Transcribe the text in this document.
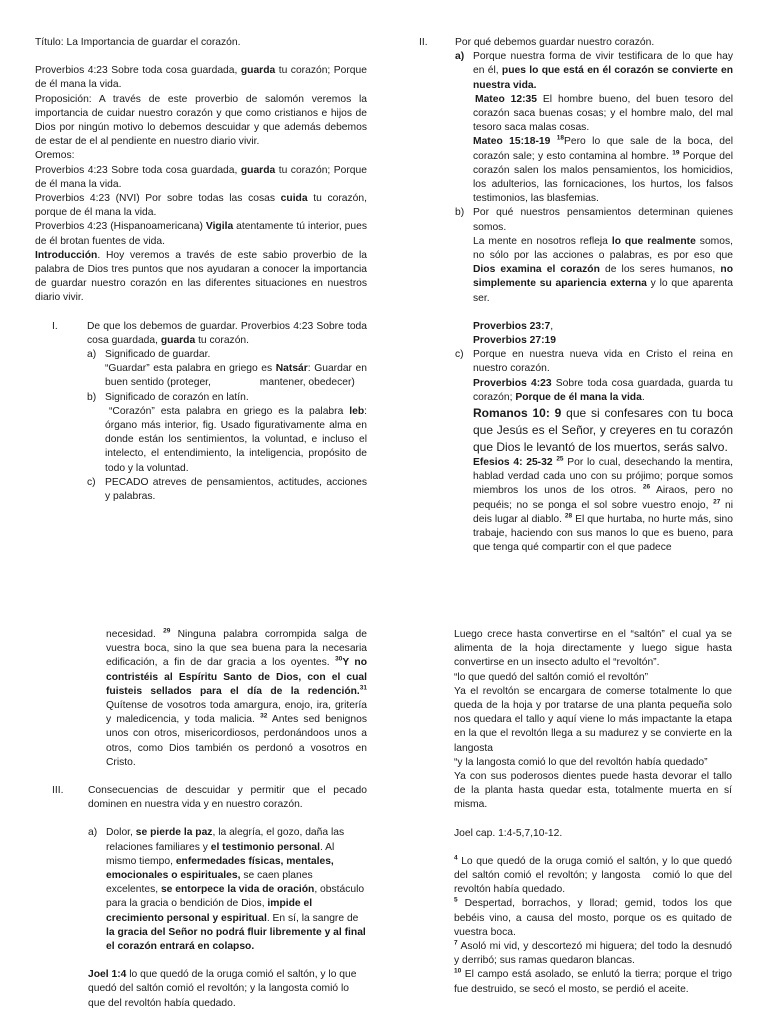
Título: La Importancia de guardar el corazón.

Proverbios 4:23 Sobre toda cosa guardada, guarda tu corazón; Porque de él mana la vida.

Proposición: A través de este proverbio de salomón veremos la importancia de cuidar nuestro corazón y que como cristianos e hijos de Dios por ningún motivo lo debemos descuidar y que además debemos de estar de el al pendiente en nuestro diario vivir.

Oremos:

Proverbios 4:23 Sobre toda cosa guardada, guarda tu corazón; Porque de él mana la vida.

Proverbios 4:23 (NVI) Por sobre todas las cosas cuida tu corazón, porque de él mana la vida.

Proverbios 4:23 (Hispanoamericana) Vigila atentamente tú interior, pues de él brotan fuentes de vida.

Introducción. Hoy veremos a través de este sabio proverbio de la palabra de Dios tres puntos que nos ayudaran a conocer la importancia de guardar nuestro corazón en las diferentes situaciones en nuestros diario vivir.

I.	De que los debemos de guardar. Proverbios 4:23 Sobre toda cosa guardada, guarda tu corazón.

a) Significado de guardar.

“Guardar” esta palabra en griego es Natsár: Guardar en buen sentido (proteger,	mantener, obedecer)

b) Significado de corazón en latín.

“Corazón” esta palabra en griego es la palabra leb: órgano más interior, fig. Usado figurativamente alma en donde están los sentimientos, la voluntad, e incluso el intelecto, el entendimiento, la inteligencia, propósito de todo y la voluntad.

c) PECADO atreves de pensamientos, actitudes, acciones y palabras.

II.	Por qué debemos guardar nuestro corazón.

a) Porque nuestra forma de vivir testificara de lo que hay en él, pues lo que está en él corazón se convierte en nuestra vida.

Mateo 12:35 El hombre bueno, del buen tesoro del corazón saca buenas cosas; y el hombre malo, del mal tesoro saca malas cosas.

Mateo 15:18-19 $^{18}$Pero lo que sale de la boca, del corazón sale; y esto contamina al hombre. $^{19}$ Porque del corazón salen los malos pensamientos, los homicidios, los adulterios, las fornicaciones, los hurtos, los falsos testimonios, las blasfemias.

b) Por qué nuestros pensamientos determinan quienes somos.

La mente en nosotros refleja lo que realmente somos, no sólo por las acciones o palabras, es por eso que Dios examina el corazón de los seres humanos, no simplemente su apariencia externa y lo que aparenta ser.

Proverbios 23:7,

Proverbios 27:19

c) Porque en nuestra nueva vida en Cristo el reina en nuestro corazón.

Proverbios 4:23 Sobre toda cosa guardada, guarda tu corazón; Porque de él mana la vida.

Romanos 10: 9 que si confesares con tu boca que Jesús es el Señor, y creyeres en tu corazón que Dios le levantó de los muertos, serás salvo.

Efesios 4: 25-32 $^{25}$ Por lo cual, desechando la mentira, hablad verdad cada uno con su prójimo; porque somos miembros los unos de los otros. $^{26}$ Airaos, pero no pequéis; no se ponga el sol sobre vuestro enojo, $^{27}$ ni deis lugar al diablo. $^{28}$ El que hurtaba, no hurte más, sino trabaje, haciendo con sus manos lo que es bueno, para que tenga qué compartir con el que padece

necesidad. $^{29}$ Ninguna palabra corrompida salga de vuestra boca, sino la que sea buena para la necesaria edificación, a fin de dar gracia a los oyentes. $^{30}$Y no contristéis al Espíritu Santo de Dios, con el cual fuisteis sellados para el día de la redención.$^{31}$ Quítense de vosotros toda amargura, enojo, ira, gritería y maledicencia, y toda malicia. $^{32}$ Antes sed benignos unos con otros, misericordiosos, perdonándoos unos a otros, como Dios también os perdonó a vosotros en Cristo.

III. Consecuencias de descuidar y permitir que el pecado dominen en nuestra vida y en nuestro corazón.

a) Dolor, se pierde la paz, la alegría, el gozo, daña las relaciones familiares y el testimonio personal. Al mismo tiempo, enfermedades físicas, mentales, emocionales o espirituales, se caen planes excelentes, se entorpece la vida de oración, obstáculo para la gracia o bendición de Dios, impide el crecimiento personal y espiritual. En sí, la sangre de la gracia del Señor no podrá fluir libremente y al final el corazón entrará en colapso.

Joel 1:4 lo que quedó de la oruga comió el saltón, y lo que quedó del saltón comió el revoltón; y la langosta comió lo que del revoltón había quedado.

Luego crece hasta convertirse en el “saltón” el cual ya se alimenta de la hoja directamente y luego sigue hasta convertirse en un insecto adulto el “revoltón”.

“lo que quedó del saltón comió el revoltón”

Ya el revoltón se encargara de comerse totalmente lo que queda de la hoja y por tratarse de una planta pequeña solo nos quedara el tallo y aquí viene lo más impactante la etapa en la que el revoltón llega a su madurez y se convierte en la langosta

“y la langosta comió lo que del revoltón había quedado”

Ya con sus poderosos dientes puede hasta devorar el tallo de la planta hasta quedar esta, totalmente muerta en sí misma.

Joel cap. 1:4-5,7,10-12.

$^4$ Lo que quedó de la oruga comió el saltón, y lo que quedó del saltón comió el revoltón; y langosta comió lo que del revoltón había quedado.

$^5$ Despertad, borrachos, y llorad; gemid, todos los que bebéis vino, a causa del mosto, porque os es quitado de vuestra boca.

$^7$ Asoló mi vid, y descortezó mi higuera; del todo la desnudó y derribó; sus ramas quedaron blancas.

$^{10}$ El campo está asolado, se enlutó la tierra; porque el trigo fue destruido, se secó el mosto, se perdió el aceite.
